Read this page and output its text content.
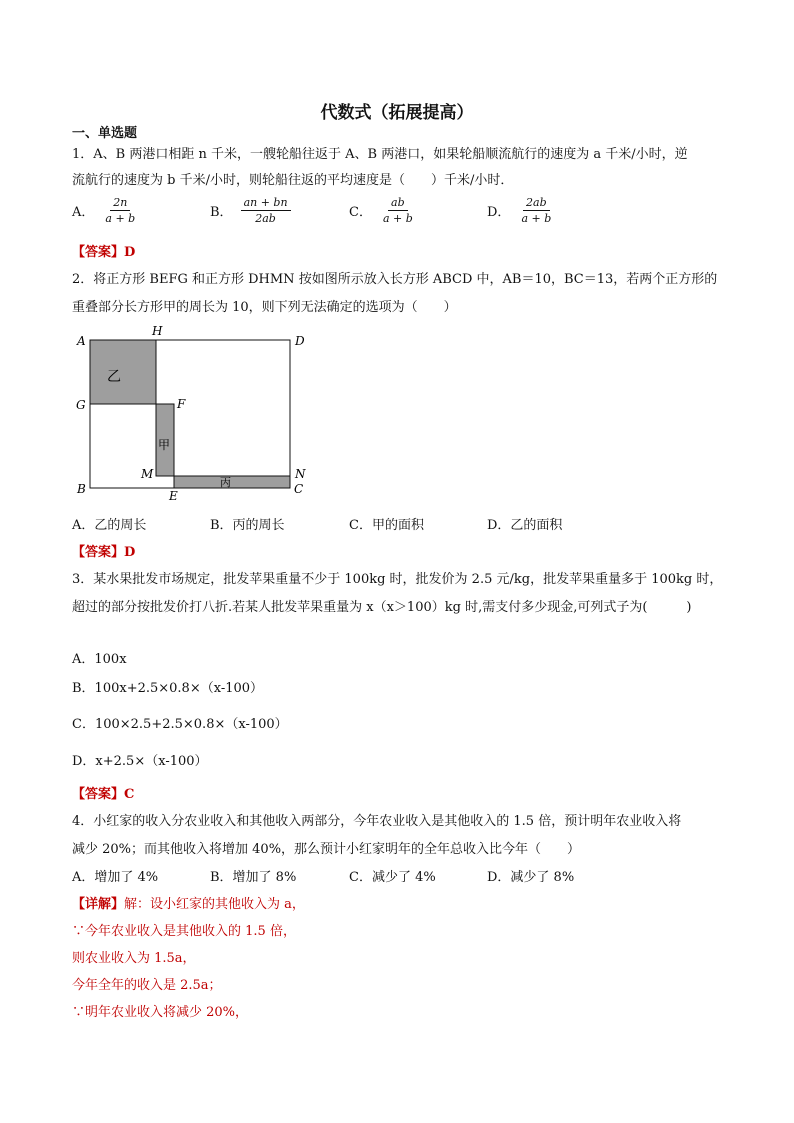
代数式（拓展提高）
一、单选题
1．A、B 两港口相距 n 千米，一艘轮船往返于 A、B 两港口，如果轮船顺流航行的速度为 a 千米/小时，逆
流航行的速度为 b 千米/小时，则轮船往返的平均速度是（　　）千米/小时．
A． $\frac{2n}{a + b}$	B． $\frac{an + bn}{2ab}$	C． $\frac{ab}{a + b}$	D． $\frac{2ab}{a + b}$
【答案】D
2．将正方形 BEFG 和正方形 DHMN 按如图所示放入长方形 ABCD 中，AB＝10，BC＝13，若两个正方形的
重叠部分长方形甲的周长为 10，则下列无法确定的选项为（　　）
A
H
D
G	F
M	N
B	E	C
乙
甲
丙
A．乙的周长	B．丙的周长	C．甲的面积	D．乙的面积
【答案】D
3．某水果批发市场规定，批发苹果重量不少于 100kg 时，批发价为 2.5 元/kg，批发苹果重量多于 100kg 时，
超过的部分按批发价打八折.若某人批发苹果重量为 x（x＞100）kg 时,需支付多少现金,可列式子为(　　　)
A．100x
B．100x+2.5×0.8×（x-100）
C．100×2.5+2.5×0.8×（x-100）
D．x+2.5×（x-100）
【答案】C
4．小红家的收入分农业收入和其他收入两部分，今年农业收入是其他收入的 1.5 倍，预计明年农业收入将
减少 20%；而其他收入将增加 40%，那么预计小红家明年的全年总收入比今年（　　）
A．增加了 4%	B．增加了 8%	C．减少了 4%	D．减少了 8%
【详解】解：设小红家的其他收入为 a，
∵今年农业收入是其他收入的 1.5 倍，
则农业收入为 1.5a，
今年全年的收入是 2.5a；
∵明年农业收入将减少 20%，
